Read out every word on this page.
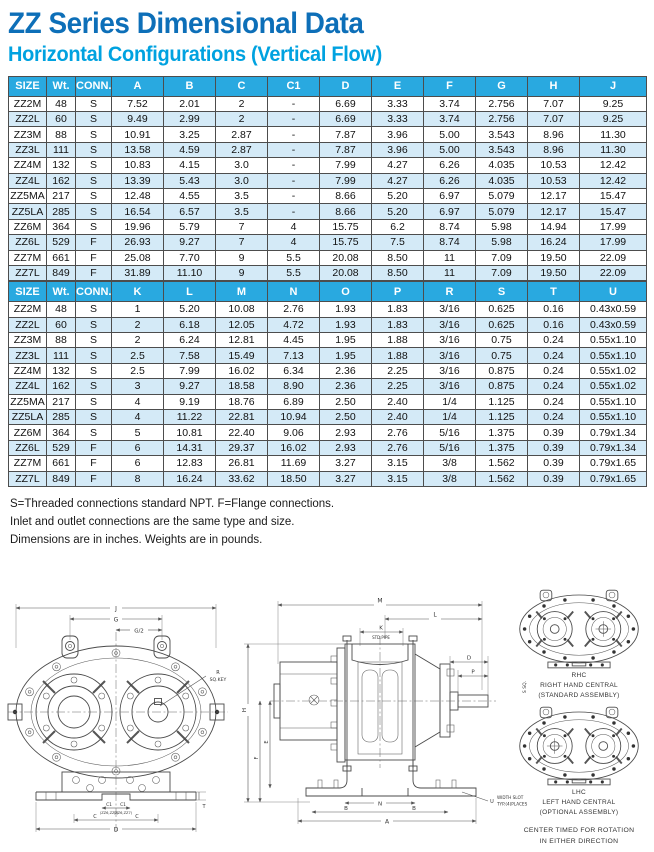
ZZ Series Dimensional Data
Horizontal Configurations (Vertical Flow)
SIZE	Wt.	CONN.	A	B	C	C1	D	E	F	G	H	J
ZZ2M	48	S	7.52	2.01	2	-	6.69	3.33	3.74	2.756	7.07	9.25
ZZ2L	60	S	9.49	2.99	2	-	6.69	3.33	3.74	2.756	7.07	9.25
ZZ3M	88	S	10.91	3.25	2.87	-	7.87	3.96	5.00	3.543	8.96	11.30
ZZ3L	111	S	13.58	4.59	2.87	-	7.87	3.96	5.00	3.543	8.96	11.30
ZZ4M	132	S	10.83	4.15	3.0	-	7.99	4.27	6.26	4.035	10.53	12.42
ZZ4L	162	S	13.39	5.43	3.0	-	7.99	4.27	6.26	4.035	10.53	12.42
ZZ5MA	217	S	12.48	4.55	3.5	-	8.66	5.20	6.97	5.079	12.17	15.47
ZZ5LA	285	S	16.54	6.57	3.5	-	8.66	5.20	6.97	5.079	12.17	15.47
ZZ6M	364	S	19.96	5.79	7	4	15.75	6.2	8.74	5.98	14.94	17.99
ZZ6L	529	F	26.93	9.27	7	4	15.75	7.5	8.74	5.98	16.24	17.99
ZZ7M	661	F	25.08	7.70	9	5.5	20.08	8.50	11	7.09	19.50	22.09
ZZ7L	849	F	31.89	11.10	9	5.5	20.08	8.50	11	7.09	19.50	22.09
SIZE	Wt.	CONN.	K	L	M	N	O	P	R	S	T	U
ZZ2M	48	S	1	5.20	10.08	2.76	1.93	1.83	3/16	0.625	0.16	0.43x0.59
ZZ2L	60	S	2	6.18	12.05	4.72	1.93	1.83	3/16	0.625	0.16	0.43x0.59
ZZ3M	88	S	2	6.24	12.81	4.45	1.95	1.88	3/16	0.75	0.24	0.55x1.10
ZZ3L	111	S	2.5	7.58	15.49	7.13	1.95	1.88	3/16	0.75	0.24	0.55x1.10
ZZ4M	132	S	2.5	7.99	16.02	6.34	2.36	2.25	3/16	0.875	0.24	0.55x1.02
ZZ4L	162	S	3	9.27	18.58	8.90	2.36	2.25	3/16	0.875	0.24	0.55x1.02
ZZ5MA	217	S	4	9.19	18.76	6.89	2.50	2.40	1/4	1.125	0.24	0.55x1.10
ZZ5LA	285	S	4	11.22	22.81	10.94	2.50	2.40	1/4	1.125	0.24	0.55x1.10
ZZ6M	364	S	5	10.81	22.40	9.06	2.93	2.76	5/16	1.375	0.39	0.79x1.34
ZZ6L	529	F	6	14.31	29.37	16.02	2.93	2.76	5/16	1.375	0.39	0.79x1.34
ZZ7M	661	F	6	12.83	26.81	11.69	3.27	3.15	3/8	1.562	0.39	0.79x1.65
ZZ7L	849	F	8	16.24	33.62	18.50	3.27	3.15	3/8	1.562	0.39	0.79x1.65
S=Threaded connections standard NPT. F=Flange connections.
Inlet and outlet connections are the same type and size.
Dimensions are in inches. Weights are in pounds.
J
G
G/2
R
SQ.KEY
T
C1 C1
(ZZ6,ZZ7)
(ZZ6,ZZ7)
C	C
D
M
L
K
STD.PIPE
D
P
S SQ.
H
F
E
N
B	B
A
U
WIDTH SLOT
TYP.(4)PLACES
RHC
RIGHT HAND CENTRAL
(STANDARD ASSEMBLY)
LHC
LEFT HAND CENTRAL
(OPTIONAL ASSEMBLY)
CENTER TIMED FOR ROTATION
IN EITHER DIRECTION
